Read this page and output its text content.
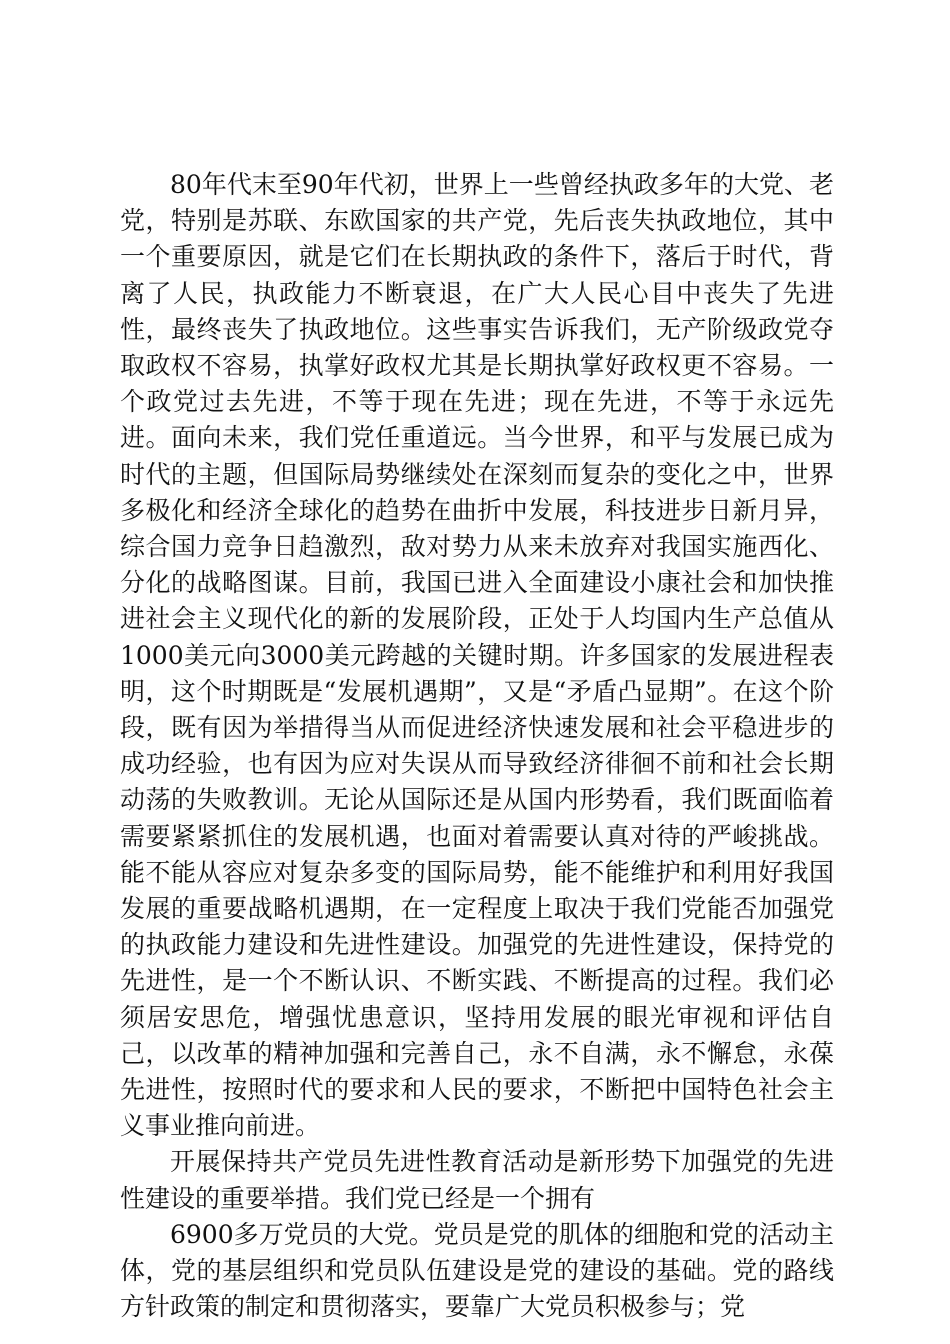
80年代末至90年代初，世界上一些曾经执政多年的大党、老党，特别是苏联、东欧国家的共产党，先后丧失执政地位，其中一个重要原因，就是它们在长期执政的条件下，落后于时代，背离了人民，执政能力不断衰退，在广大人民心目中丧失了先进性，最终丧失了执政地位。这些事实告诉我们，无产阶级政党夺取政权不容易，执掌好政权尤其是长期执掌好政权更不容易。一个政党过去先进，不等于现在先进；现在先进，不等于永远先进。面向未来，我们党任重道远。当今世界，和平与发展已成为时代的主题，但国际局势继续处在深刻而复杂的变化之中，世界多极化和经济全球化的趋势在曲折中发展，科技进步日新月异，综合国力竞争日趋激烈，敌对势力从来未放弃对我国实施西化、分化的战略图谋。目前，我国已进入全面建设小康社会和加快推进社会主义现代化的新的发展阶段，正处于人均国内生产总值从1000美元向3000美元跨越的关键时期。许多国家的发展进程表明，这个时期既是“发展机遇期”，又是“矛盾凸显期”。在这个阶段，既有因为举措得当从而促进经济快速发展和社会平稳进步的成功经验，也有因为应对失误从而导致经济徘徊不前和社会长期动荡的失败教训。无论从国际还是从国内形势看，我们既面临着需要紧紧抓住的发展机遇，也面对着需要认真对待的严峻挑战。能不能从容应对复杂多变的国际局势，能不能维护和利用好我国发展的重要战略机遇期，在一定程度上取决于我们党能否加强党的执政能力建设和先进性建设。加强党的先进性建设，保持党的先进性，是一个不断认识、不断实践、不断提高的过程。我们必须居安思危，增强忧患意识，坚持用发展的眼光审视和评估自己，以改革的精神加强和完善自己，永不自满，永不懈怠，永葆先进性，按照时代的要求和人民的要求，不断把中国特色社会主义事业推向前进。

开展保持共产党员先进性教育活动是新形势下加强党的先进性建设的重要举措。我们党已经是一个拥有

6900多万党员的大党。党员是党的肌体的细胞和党的活动主体，党的基层组织和党员队伍建设是党的建设的基础。党的路线方针政策的制定和贯彻落实，要靠广大党员积极参与；党
